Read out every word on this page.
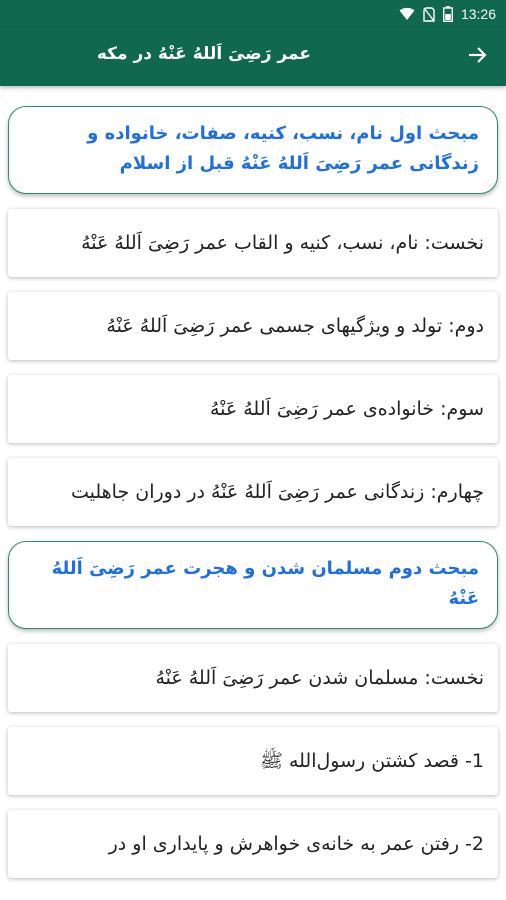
13:26
عمر رَضِیَ اَللهُ عَنْهُ در مکه
مبحث اول نام، نسب، کنیه، صفات، خانواده و زندگانی عمر رَضِیَ اَللهُ عَنْهُ قبل از اسلام
نخست: نام، نسب، کنیه و القاب عمر رَضِیَ اَللهُ عَنْهُ
دوم: تولد و ویژگیهای جسمی عمر رَضِیَ اَللهُ عَنْهُ
سوم: خانواده‌ی عمر رَضِیَ اَللهُ عَنْهُ
چهارم: زندگانی عمر رَضِیَ اَللهُ عَنْهُ در دوران جاهلیت
مبحث دوم مسلمان شدن و هجرت عمر رَضِیَ اَللهُ عَنْهُ
نخست: مسلمان شدن عمر رَضِیَ اَللهُ عَنْهُ
1- قصد کشتن رسول‌الله ﷺ
2- رفتن عمر به خانه‌ی خواهرش و پایداری او در
